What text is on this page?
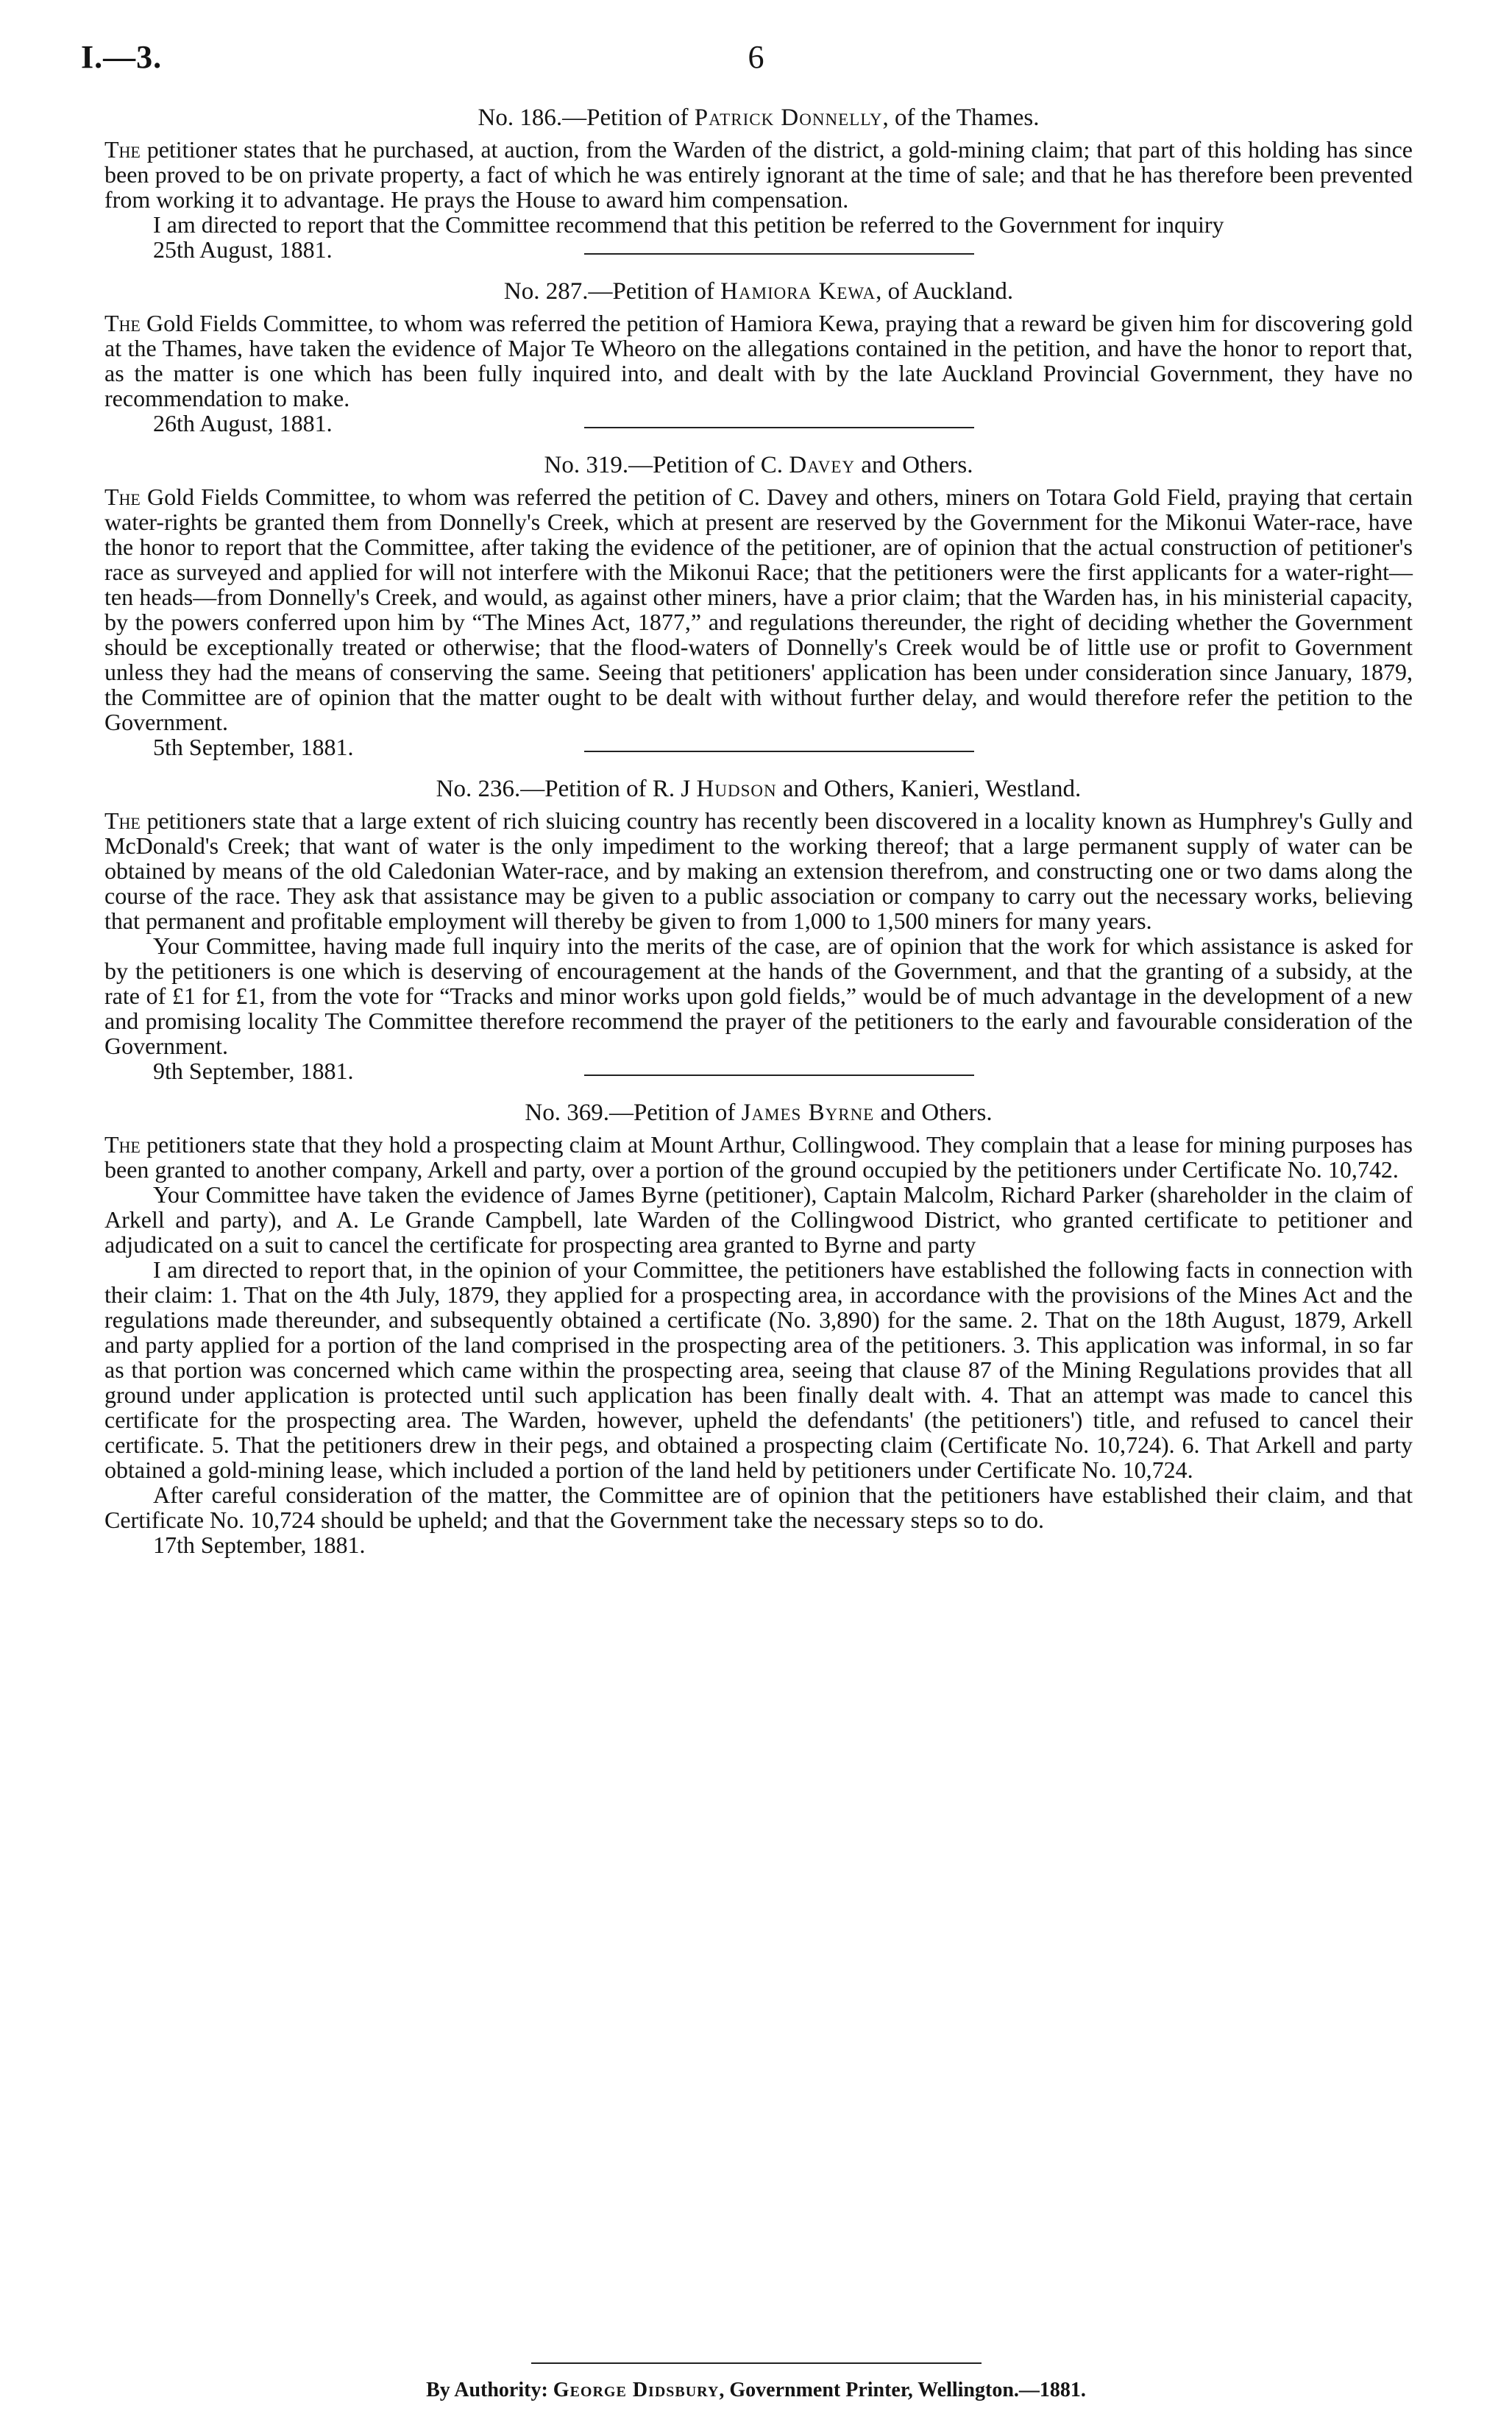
I.—3.	6
No. 186.—Petition of Patrick Donnelly, of the Thames.

The petitioner states that he purchased, at auction, from the Warden of the district, a gold-mining claim; that part of this holding has since been proved to be on private property, a fact of which he was entirely ignorant at the time of sale; and that he has therefore been prevented from working it to advantage. He prays the House to award him compensation.

I am directed to report that the Committee recommend that this petition be referred to the Government for inquiry

25th August, 1881.
No. 287.—Petition of Hamiora Kewa, of Auckland.

The Gold Fields Committee, to whom was referred the petition of Hamiora Kewa, praying that a reward be given him for discovering gold at the Thames, have taken the evidence of Major Te Wheoro on the allegations contained in the petition, and have the honor to report that, as the matter is one which has been fully inquired into, and dealt with by the late Auckland Provincial Government, they have no recommendation to make.

26th August, 1881.
No. 319.—Petition of C. Davey and Others.

The Gold Fields Committee, to whom was referred the petition of C. Davey and others, miners on Totara Gold Field, praying that certain water-rights be granted them from Donnelly's Creek, which at present are reserved by the Government for the Mikonui Water-race, have the honor to report that the Committee, after taking the evidence of the petitioner, are of opinion that the actual construction of petitioner's race as surveyed and applied for will not interfere with the Mikonui Race; that the petitioners were the first applicants for a water-right—ten heads—from Donnelly's Creek, and would, as against other miners, have a prior claim; that the Warden has, in his ministerial capacity, by the powers conferred upon him by “The Mines Act, 1877,” and regulations thereunder, the right of deciding whether the Government should be exceptionally treated or otherwise; that the flood-waters of Donnelly's Creek would be of little use or profit to Government unless they had the means of conserving the same. Seeing that petitioners' application has been under consideration since January, 1879, the Committee are of opinion that the matter ought to be dealt with without further delay, and would therefore refer the petition to the Government.

5th September, 1881.
No. 236.—Petition of R. J Hudson and Others, Kanieri, Westland.

The petitioners state that a large extent of rich sluicing country has recently been discovered in a locality known as Humphrey's Gully and McDonald's Creek; that want of water is the only impediment to the working thereof; that a large permanent supply of water can be obtained by means of the old Caledonian Water-race, and by making an extension therefrom, and constructing one or two dams along the course of the race. They ask that assistance may be given to a public association or company to carry out the necessary works, believing that permanent and profitable employment will thereby be given to from 1,000 to 1,500 miners for many years.

Your Committee, having made full inquiry into the merits of the case, are of opinion that the work for which assistance is asked for by the petitioners is one which is deserving of encouragement at the hands of the Government, and that the granting of a subsidy, at the rate of £1 for £1, from the vote for “Tracks and minor works upon gold fields,” would be of much advantage in the development of a new and promising locality The Committee therefore recommend the prayer of the petitioners to the early and favourable consideration of the Government.

9th September, 1881.
No. 369.—Petition of James Byrne and Others.

The petitioners state that they hold a prospecting claim at Mount Arthur, Collingwood. They complain that a lease for mining purposes has been granted to another company, Arkell and party, over a portion of the ground occupied by the petitioners under Certificate No. 10,742.

Your Committee have taken the evidence of James Byrne (petitioner), Captain Malcolm, Richard Parker (shareholder in the claim of Arkell and party), and A. Le Grande Campbell, late Warden of the Collingwood District, who granted certificate to petitioner and adjudicated on a suit to cancel the certificate for prospecting area granted to Byrne and party

I am directed to report that, in the opinion of your Committee, the petitioners have established the following facts in connection with their claim: 1. That on the 4th July, 1879, they applied for a prospecting area, in accordance with the provisions of the Mines Act and the regulations made thereunder, and subsequently obtained a certificate (No. 3,890) for the same. 2. That on the 18th August, 1879, Arkell and party applied for a portion of the land comprised in the prospecting area of the petitioners. 3. This application was informal, in so far as that portion was concerned which came within the prospecting area, seeing that clause 87 of the Mining Regulations provides that all ground under application is protected until such application has been finally dealt with. 4. That an attempt was made to cancel this certificate for the prospecting area. The Warden, however, upheld the defendants' (the petitioners') title, and refused to cancel their certificate. 5. That the petitioners drew in their pegs, and obtained a prospecting claim (Certificate No. 10,724). 6. That Arkell and party obtained a gold-mining lease, which included a portion of the land held by petitioners under Certificate No. 10,724.

After careful consideration of the matter, the Committee are of opinion that the petitioners have established their claim, and that Certificate No. 10,724 should be upheld; and that the Government take the necessary steps so to do.

17th September, 1881.
By Authority: George Didsbury, Government Printer, Wellington.—1881.
